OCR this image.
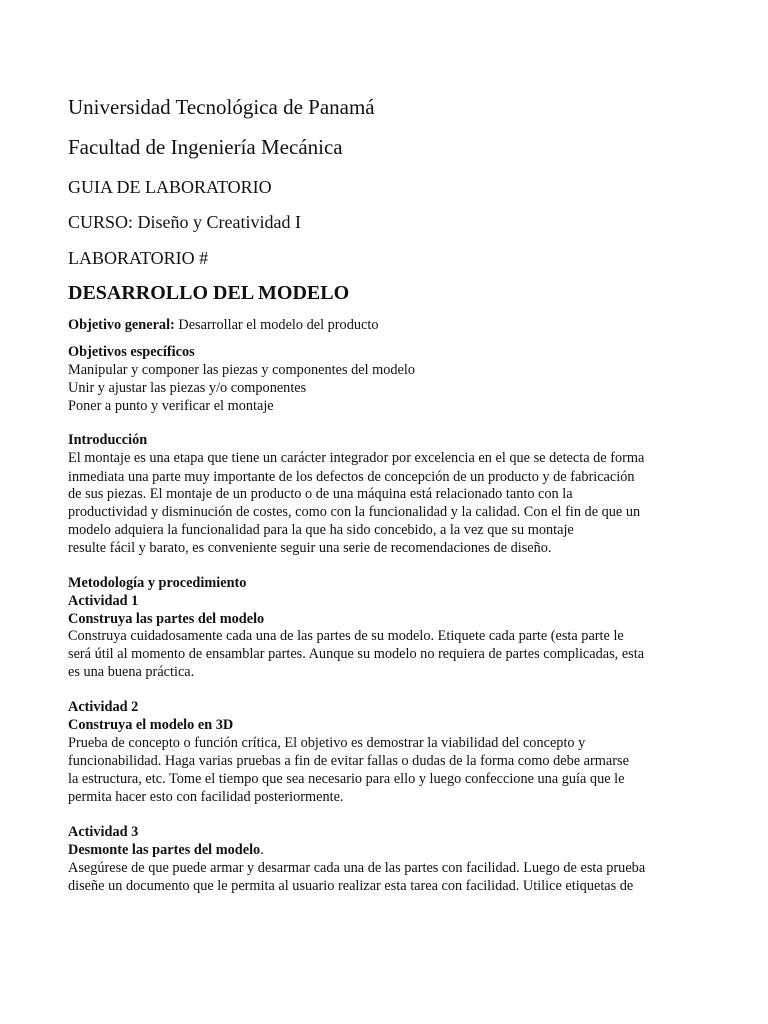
Universidad Tecnológica de Panamá
Facultad de Ingeniería Mecánica
GUIA DE LABORATORIO
CURSO: Diseño y Creatividad I
LABORATORIO #
DESARROLLO DEL MODELO
Objetivo general: Desarrollar el modelo del producto
Objetivos específicos
Manipular y componer las piezas y componentes del modelo
Unir y ajustar las piezas y/o componentes
Poner a punto y verificar el montaje
Introducción
El montaje es una etapa que tiene un carácter integrador por excelencia en el que se detecta de forma
inmediata una parte muy importante de los defectos de concepción de un producto y de fabricación
de sus piezas. El montaje de un producto o de una máquina está relacionado tanto con la
productividad y disminución de costes, como con la funcionalidad y la calidad. Con el fin de que un
modelo adquiera la funcionalidad para la que ha sido concebido, a la vez que su montaje
resulte fácil y barato, es conveniente seguir una serie de recomendaciones de diseño.
Metodología y procedimiento
Actividad 1
Construya las partes del modelo
Construya cuidadosamente cada una de las partes de su modelo. Etiquete cada parte (esta parte le
será útil al momento de ensamblar partes. Aunque su modelo no requiera de partes complicadas, esta
es una buena práctica.
Actividad 2
Construya el modelo en 3D
Prueba de concepto o función crítica, El objetivo es demostrar la viabilidad del concepto y
funcionabilidad. Haga varias pruebas a fin de evitar fallas o dudas de la forma como debe armarse
la estructura, etc. Tome el tiempo que sea necesario para ello y luego confeccione una guía que le
permita hacer esto con facilidad posteriormente.
Actividad 3
Desmonte las partes del modelo.
Asegúrese de que puede armar y desarmar cada una de las partes con facilidad. Luego de esta prueba
diseñe un documento que le permita al usuario realizar esta tarea con facilidad. Utilice etiquetas de
